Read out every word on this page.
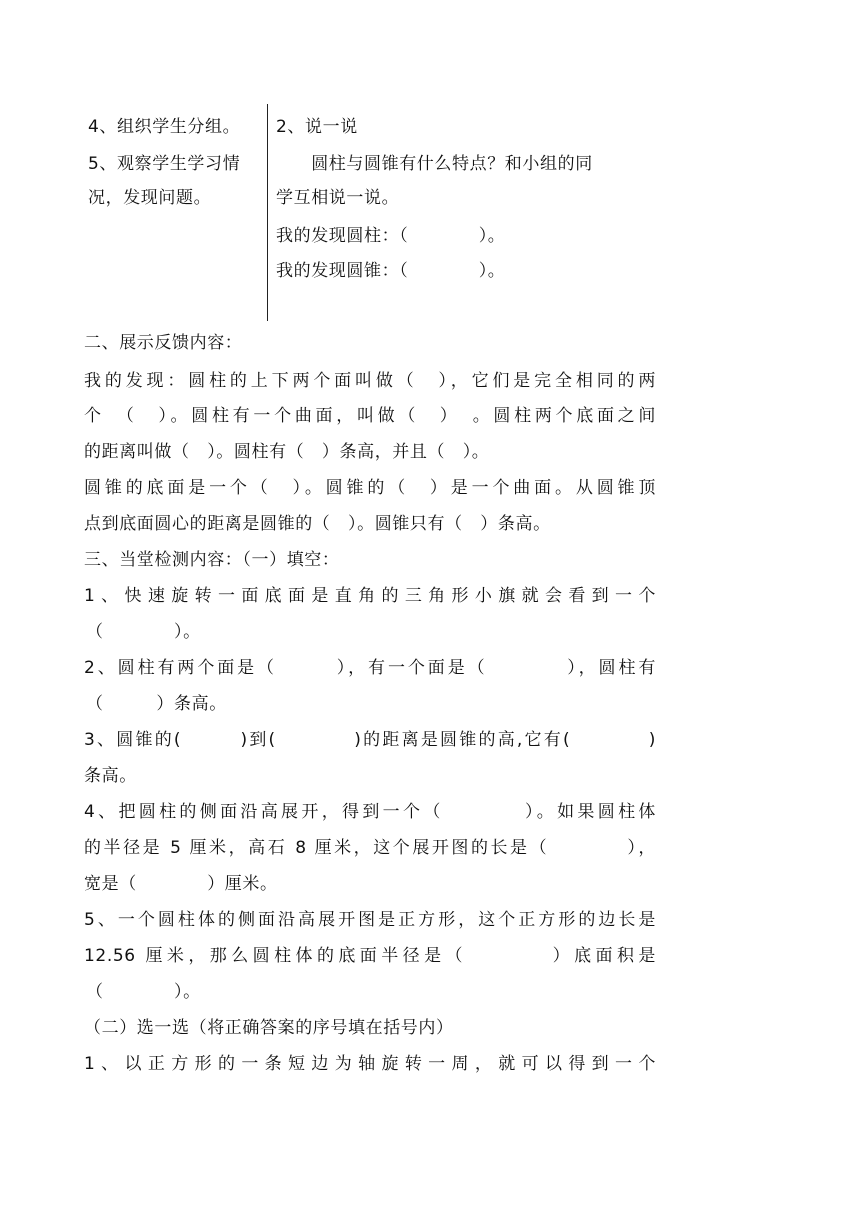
4、组织学生分组。
5、观察学生学习情
况，发现问题。
2、说一说
　　圆柱与圆锥有什么特点？和小组的同
学互相说一说。
我的发现圆柱：（　　　　）。
我的发现圆锥：（　　　　）。
二、展示反馈内容：
我的发现：圆柱的上下两个面叫做（　），它们是完全相同的两
个　（　）。圆柱有一个曲面，叫做（　）　。圆柱两个底面之间
的距离叫做（　）。圆柱有（　）条高，并且（　）。
圆锥的底面是一个（　）。圆锥的（　）是一个曲面。从圆锥顶
点到底面圆心的距离是圆锥的（　）。圆锥只有（　）条高。
三、当堂检测内容：（一）填空：
1、快速旋转一面底面是直角的三角形小旗就会看到一个
（　　　　）。
2、圆柱有两个面是（　　　），有一个面是（　　　　），圆柱有
（　　　）条高。
3、圆锥的(　　　)到(　　　　)的距离是圆锥的高,它有(　　　　)
条高。
4、把圆柱的侧面沿高展开，得到一个（　　　　）。如果圆柱体
的半径是 5 厘米，高石 8 厘米，这个展开图的长是（　　　　），
宽是（　　　　）厘米。
5、一个圆柱体的侧面沿高展开图是正方形，这个正方形的边长是
12.56 厘米，那么圆柱体的底面半径是（　　　　）底面积是
（　　　　）。
（二）选一选（将正确答案的序号填在括号内）
1、以正方形的一条短边为轴旋转一周，就可以得到一个
